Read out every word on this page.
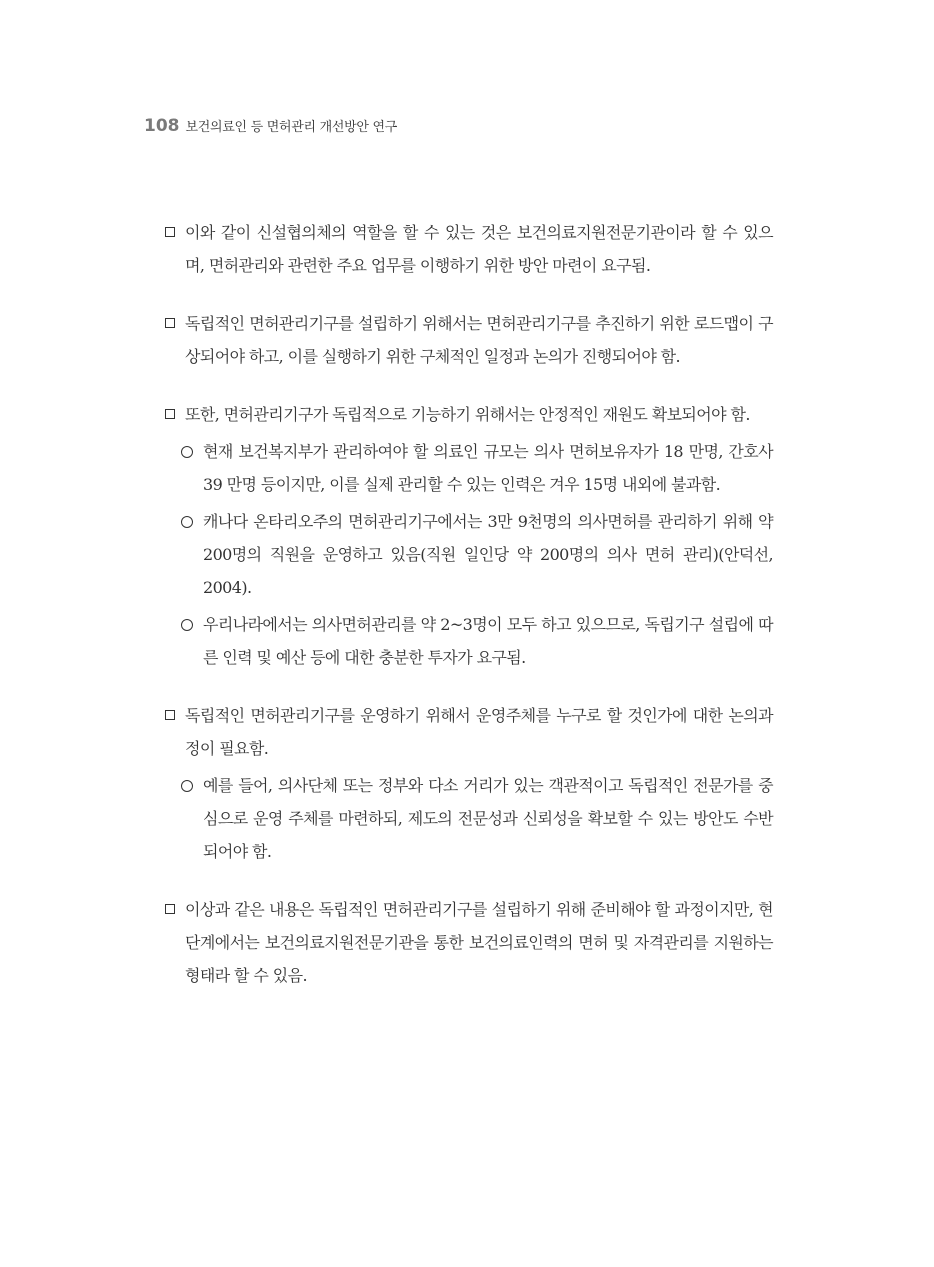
108 보건의료인 등 면허관리 개선방안 연구

이와 같이 신설협의체의 역할을 할 수 있는 것은 보건의료지원전문기관이라 할 수 있으며, 면허관리와 관련한 주요 업무를 이행하기 위한 방안 마련이 요구됨.

독립적인 면허관리기구를 설립하기 위해서는 면허관리기구를 추진하기 위한 로드맵이 구상되어야 하고, 이를 실행하기 위한 구체적인 일정과 논의가 진행되어야 함.

또한, 면허관리기구가 독립적으로 기능하기 위해서는 안정적인 재원도 확보되어야 함.

현재 보건복지부가 관리하여야 할 의료인 규모는 의사 면허보유자가 18 만명, 간호사 39 만명 등이지만, 이를 실제 관리할 수 있는 인력은 겨우 15명 내외에 불과함.

캐나다 온타리오주의 면허관리기구에서는 3만 9천명의 의사면허를 관리하기 위해 약 200명의 직원을 운영하고 있음(직원 일인당 약 200명의 의사 면허 관리)(안덕선, 2004).

우리나라에서는 의사면허관리를 약 2~3명이 모두 하고 있으므로, 독립기구 설립에 따른 인력 및 예산 등에 대한 충분한 투자가 요구됨.

독립적인 면허관리기구를 운영하기 위해서 운영주체를 누구로 할 것인가에 대한 논의과정이 필요함.

예를 들어, 의사단체 또는 정부와 다소 거리가 있는 객관적이고 독립적인 전문가를 중심으로 운영 주체를 마련하되, 제도의 전문성과 신뢰성을 확보할 수 있는 방안도 수반되어야 함.

이상과 같은 내용은 독립적인 면허관리기구를 설립하기 위해 준비해야 할 과정이지만, 현 단계에서는 보건의료지원전문기관을 통한 보건의료인력의 면허 및 자격관리를 지원하는 형태라 할 수 있음.
